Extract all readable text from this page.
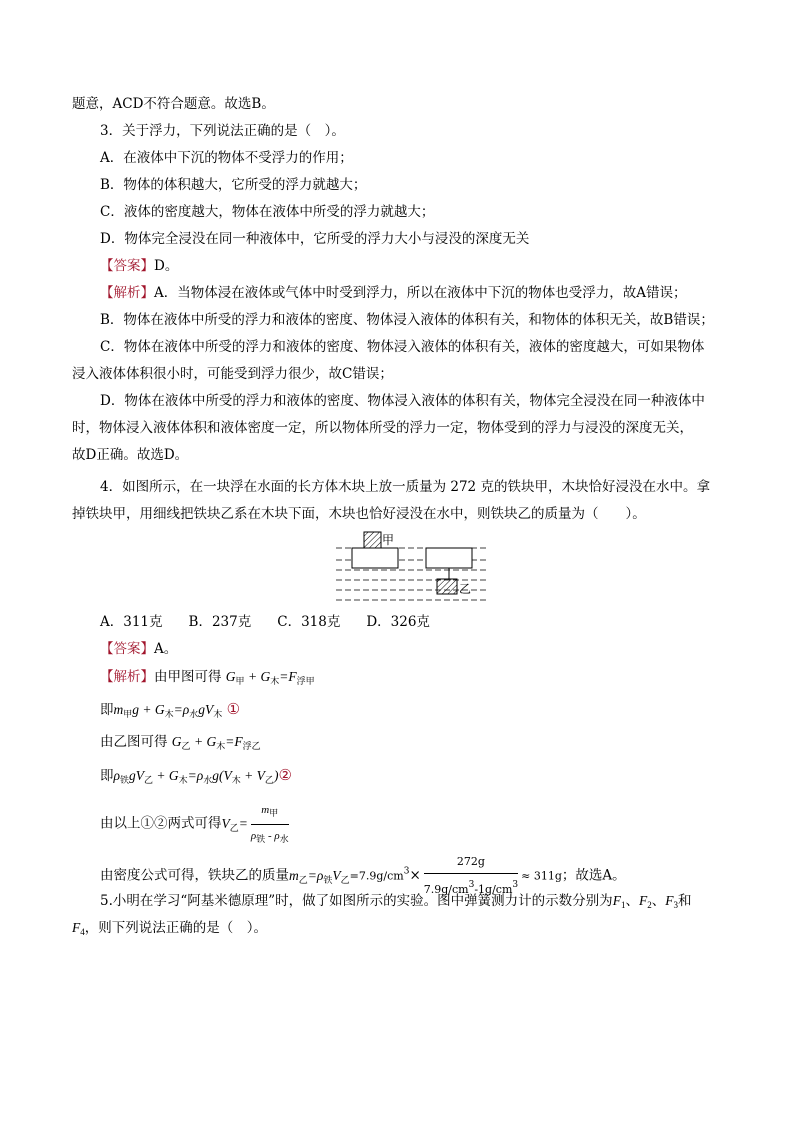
题意，ACD不符合题意。故选B。
3．关于浮力，下列说法正确的是（　）。
A．在液体中下沉的物体不受浮力的作用；
B．物体的体积越大，它所受的浮力就越大；
C．液体的密度越大，物体在液体中所受的浮力就越大；
D．物体完全浸没在同一种液体中，它所受的浮力大小与浸没的深度无关
【答案】D。
【解析】A．当物体浸在液体或气体中时受到浮力，所以在液体中下沉的物体也受浮力，故A错误；
B．物体在液体中所受的浮力和液体的密度、物体浸入液体的体积有关，和物体的体积无关，故B错误；
C．物体在液体中所受的浮力和液体的密度、物体浸入液体的体积有关，液体的密度越大，可如果物体
浸入液体体积很小时，可能受到浮力很少，故C错误；
D．物体在液体中所受的浮力和液体的密度、物体浸入液体的体积有关，物体完全浸没在同一种液体中
时，物体浸入液体体积和液体密度一定，所以物体所受的浮力一定，物体受到的浮力与浸没的深度无关，
故D正确。故选D。
4．如图所示，在一块浮在水面的长方体木块上放一质量为 272 克的铁块甲，木块恰好浸没在水中。拿
掉铁块甲，用细线把铁块乙系在木块下面，木块也恰好浸没在水中，则铁块乙的质量为（　　）。
甲
乙
A．311克 B．237克 C．318克 D．326克
【答案】A。
【解析】由甲图可得 $G_甲 + G_木=F_{浮甲}$
即$m_甲g + G_木=\rho_水gV_木$ ①
由乙图可得 $G_乙 + G_木=F_{浮乙}$
即$\rho_铁gV_乙 + G_木=\rho_水g(V_木$ + $V_乙)②$
由以上①②两式可得$V_乙= \frac{m_甲}{\rho_铁 - \rho_水}$
由密度公式可得，铁块乙的质量$m_乙=\rho_铁V_乙=7.9g/cm^3\times \frac{272g}{7.9g/cm^3-1g/cm^3} \approx 311g$；故选A。
5.小明在学习“阿基米德原理”时，做了如图所示的实验。图中弹簧测力计的示数分别为$F_1$、$F_2$、$F_3$和
$F_4$，则下列说法正确的是（　）。
